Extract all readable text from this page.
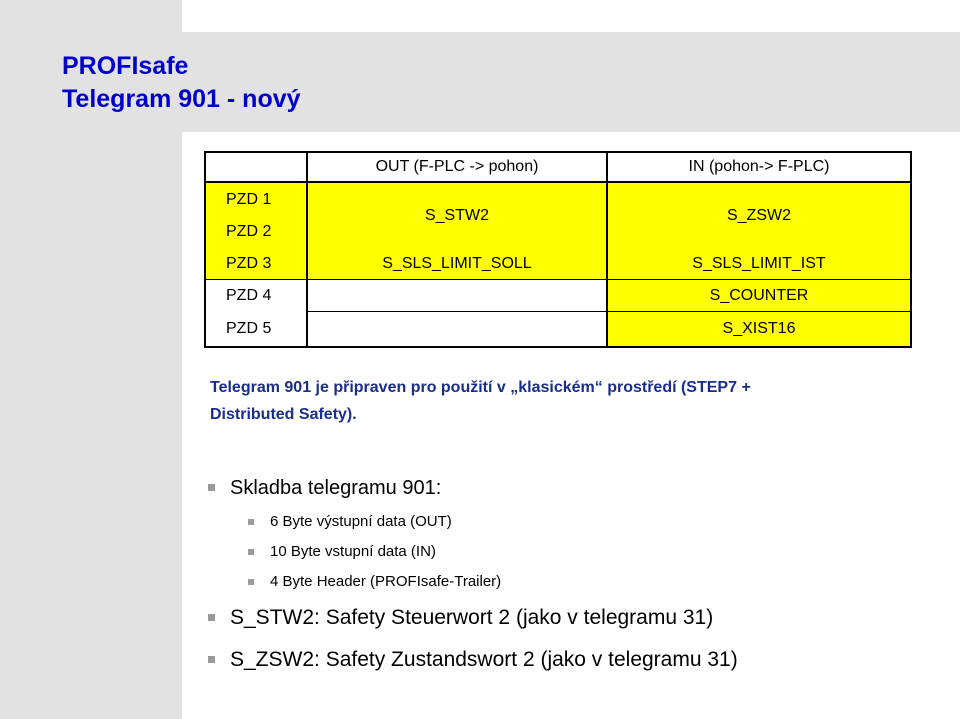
PROFIsafe
Telegram 901 - nový
OUT (F-PLC -> pohon)	IN (pohon-> F-PLC)
PZD 1
PZD 2
PZD 3
PZD 4
PZD 5
S_STW2
S_SLS_LIMIT_SOLL
S_ZSW2
S_SLS_LIMIT_IST
S_COUNTER
S_XIST16

Telegram 901 je připraven pro použití v „klasickém“ prostředí (STEP7 +
Distributed Safety).

Skladba telegramu 901:
6 Byte výstupní data (OUT)
10 Byte vstupní data (IN)
4 Byte Header (PROFIsafe-Trailer)
S_STW2: Safety Steuerwort 2 (jako v telegramu 31)
S_ZSW2: Safety Zustandswort 2 (jako v telegramu 31)
